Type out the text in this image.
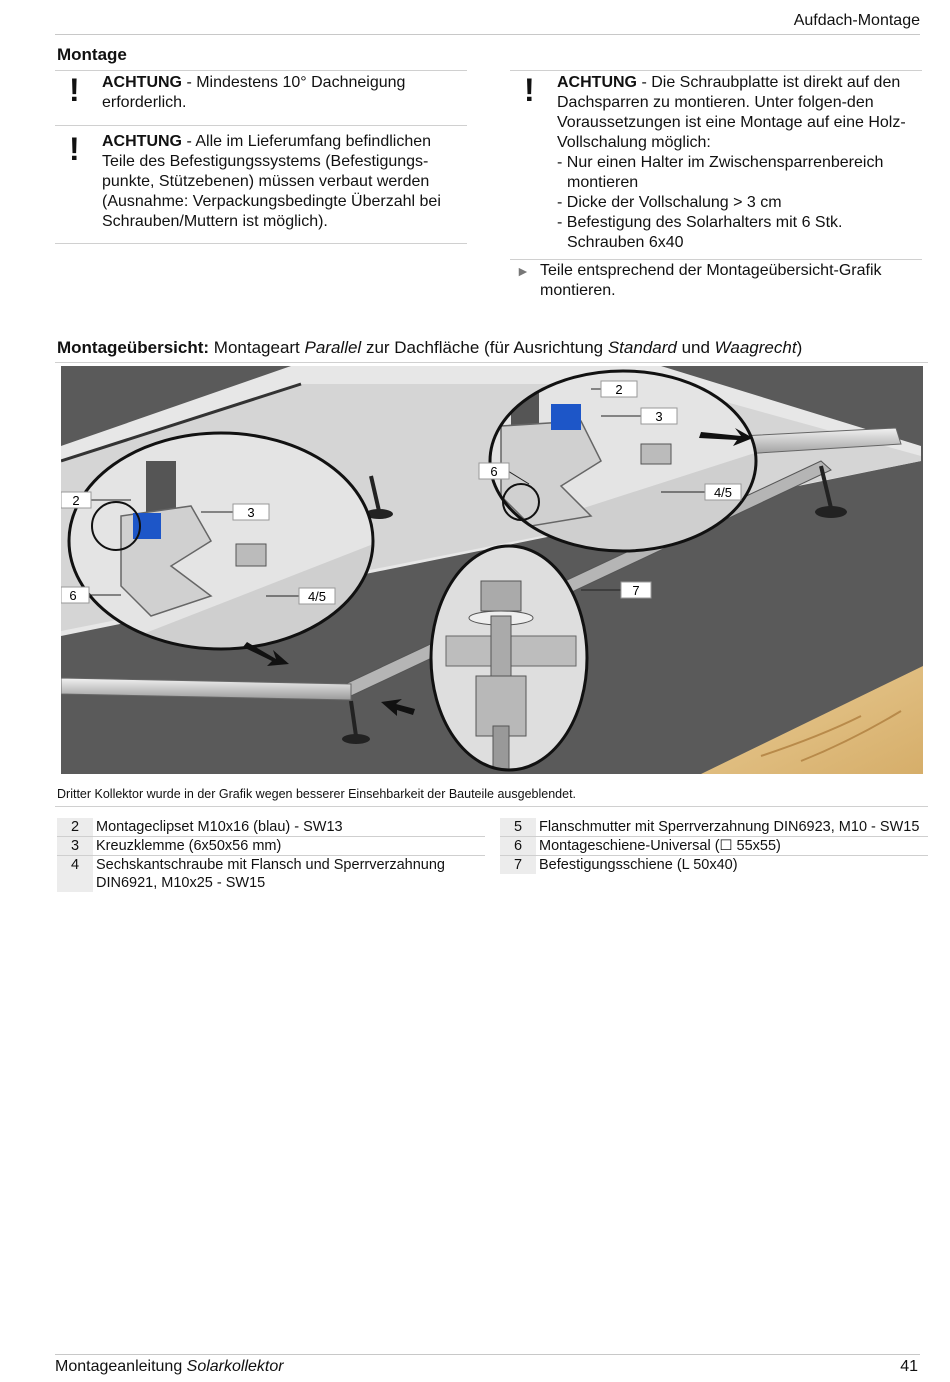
Aufdach-Montage
Montage
! ACHTUNG - Mindestens 10° Dachneigung erforderlich.
! ACHTUNG - Alle im Lieferumfang befindlichen Teile des Befestigungssystems (Befestigungs-punkte, Stützebenen) müssen verbaut werden (Ausnahme: Verpackungsbedingte Überzahl bei Schrauben/Muttern ist möglich).
! ACHTUNG - Die Schraubplatte ist direkt auf den Dachsparren zu montieren. Unter folgen-den Voraussetzungen ist eine Montage auf eine Holz-Vollschalung möglich:
- Nur einen Halter im Zwischensparrenbereich montieren
- Dicke der Vollschalung > 3 cm
- Befestigung des Solarhalters mit 6 Stk. Schrauben 6x40
► Teile entsprechend der Montageübersicht-Grafik montieren.
Montageübersicht: Montageart Parallel zur Dachfläche (für Ausrichtung Standard und Waagrecht)
2
3
6	4/5
2
3
6
4/5
7
Dritter Kollektor wurde in der Grafik wegen besserer Einsehbarkeit der Bauteile ausgeblendet.
2	Montageclipset M10x16 (blau) - SW13
3	Kreuzklemme (6x50x56 mm)
4	Sechskantschraube mit Flansch und Sperrverzahnung DIN6921, M10x25 - SW15
5	Flanschmutter mit Sperrverzahnung DIN6923, M10 - SW15
6	Montageschiene-Universal (☐ 55x55)
7	Befestigungsschiene (L 50x40)
Montageanleitung Solarkollektor	41
